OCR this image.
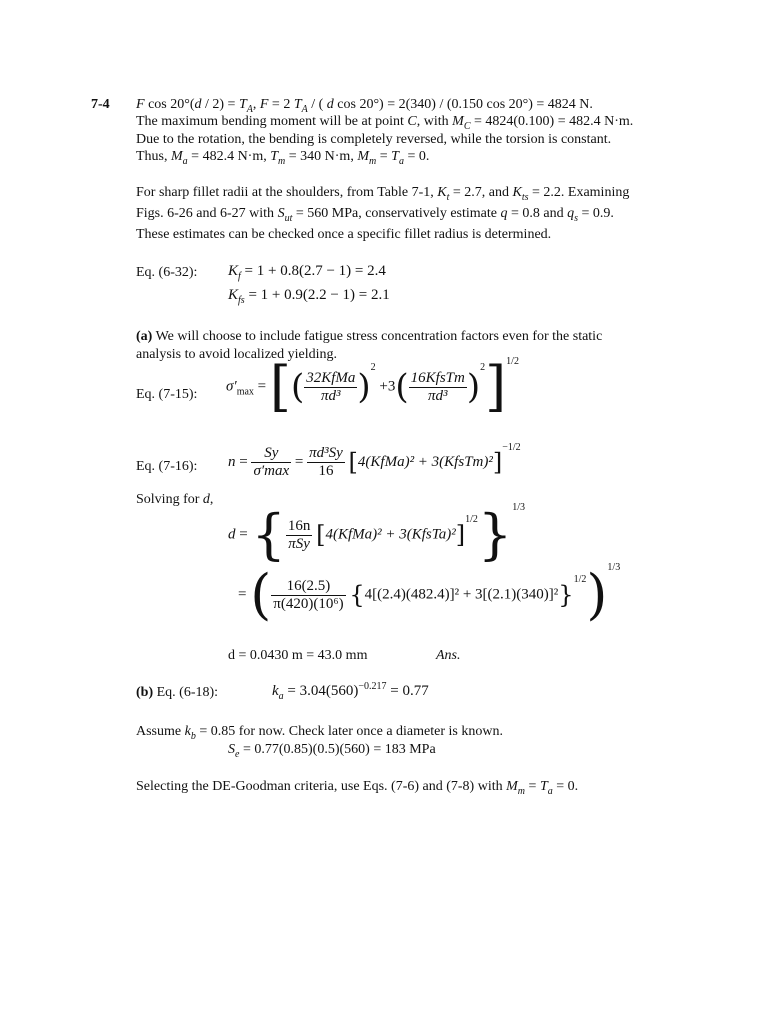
7-4 F $\cos 20^\circ(d / 2) = T_A$, F = 2 $T_A$ / ( d cos 20°) = 2(340) / (0.150 cos 20°) = 4824 N.
The maximum bending moment will be at point C, with $M_C = 4824(0.100) = 482.4$ N·m.
Due to the rotation, the bending is completely reversed, while the torsion is constant.
Thus, $M_a = 482.4$ N·m, $T_m = 340$ N·m, $M_m = T_a = 0$.
For sharp fillet radii at the shoulders, from Table 7-1, $K_t = 2.7$, and $K_{ts} = 2.2$. Examining
Figs. 6-26 and 6-27 with $S_{ut} = 560$ MPa, conservatively estimate q = 0.8 and $q_s = 0.9$.
These estimates can be checked once a specific fillet radius is determined.
Eq. (6-32): $K_f = 1 + 0.8(2.7 - 1) = 2.4$
$K_{fs} = 1 + 0.9(2.2 - 1) = 2.1$
(a) We will choose to include fatigue stress concentration factors even for the static
analysis to avoid localized yielding.
Eq. (7-15):
$\sigma'_{max}$ = [( $\frac{\text{32KfMa}}{\text{πd³}} )^2 +3( \frac{\text{16KfsTm}}{\text{πd³}} )^2]^{1/2}$
Eq. (7-16): $n = \frac{Sy}{\sigma'\max} = \frac{\text{πd³Sy}}{16}$ [4(KfMa)² + 3(KfsTm)²]$^{-1/2}$
Solving for d,
d = { $\frac{16n}{\text{πSy}}$ [4(KfMa)² + 3(KfsTa)²]$^{1/2}$}$^{1/3}$
= ( $\frac{16(2.5)}{\text{π(420)(10⁶)}} \{4[(2.4)(482.4)]^2 + 3[(2.1)(340)]^2\}^{1/2})^{1/3}$
d = 0.0430 m = 43.0 mm	Ans.
(b) Eq. (6-18):	$k_a = 3.04(560)^{-0.217} = 0.77$
Assume $k_b = 0.85$ for now. Check later once a diameter is known.
$S_e = 0.77(0.85)(0.5)(560) = 183$ MPa
Selecting the DE-Goodman criteria, use Eqs. (7-6) and (7-8) with $M_m = T_a = 0$.
